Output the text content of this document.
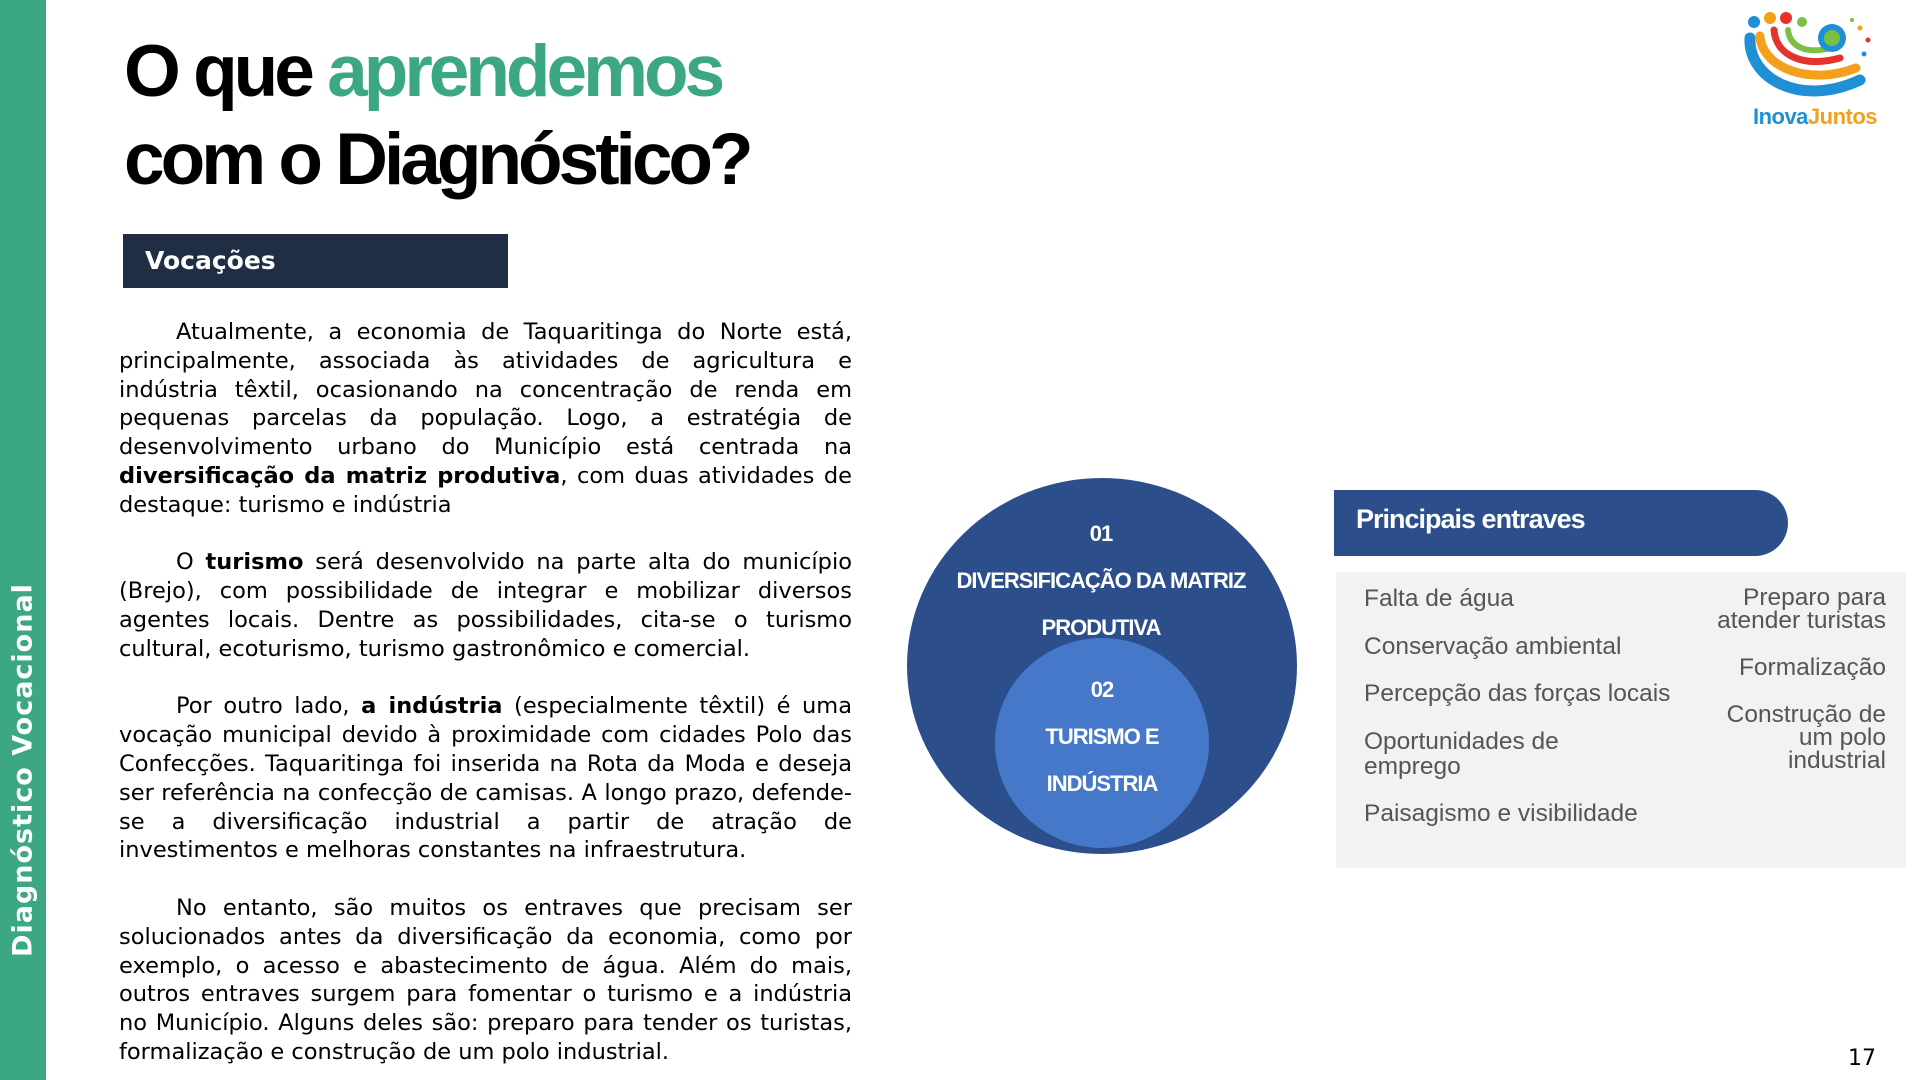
Diagnóstico Vocacional
O que aprendemos
com o Diagnóstico?
InovaJuntos
Vocações

Atualmente, a economia de Taquaritinga do Norte está, principalmente, associada às atividades de agricultura e indústria têxtil, ocasionando na concentração de renda em pequenas parcelas da população. Logo, a estratégia de desenvolvimento urbano do Município está centrada na diversificação da matriz produtiva, com duas atividades de destaque: turismo e indústria

O turismo será desenvolvido na parte alta do município (Brejo), com possibilidade de integrar e mobilizar diversos agentes locais. Dentre as possibilidades, cita-se o turismo cultural, ecoturismo, turismo gastronômico e comercial.

Por outro lado, a indústria (especialmente têxtil) é uma vocação municipal devido à proximidade com cidades Polo das Confecções. Taquaritinga foi inserida na Rota da Moda e deseja ser referência na confecção de camisas. A longo prazo, defende-se a diversificação industrial a partir de atração de investimentos e melhoras constantes na infraestrutura.

No entanto, são muitos os entraves que precisam ser solucionados antes da diversificação da economia, como por exemplo, o acesso e abastecimento de água. Além do mais, outros entraves surgem para fomentar o turismo e a indústria no Município. Alguns deles são: preparo para tender os turistas, formalização e construção de um polo industrial.

01
DIVERSIFICAÇÃO DA MATRIZ
PRODUTIVA
02
TURISMO E
INDÚSTRIA
Principais entraves
Falta de água
Conservação ambiental
Percepção das forças locais
Oportunidades de
emprego
Paisagismo e visibilidade
Preparo para
atender turistas
Formalização
Construção de
um polo
industrial
17
